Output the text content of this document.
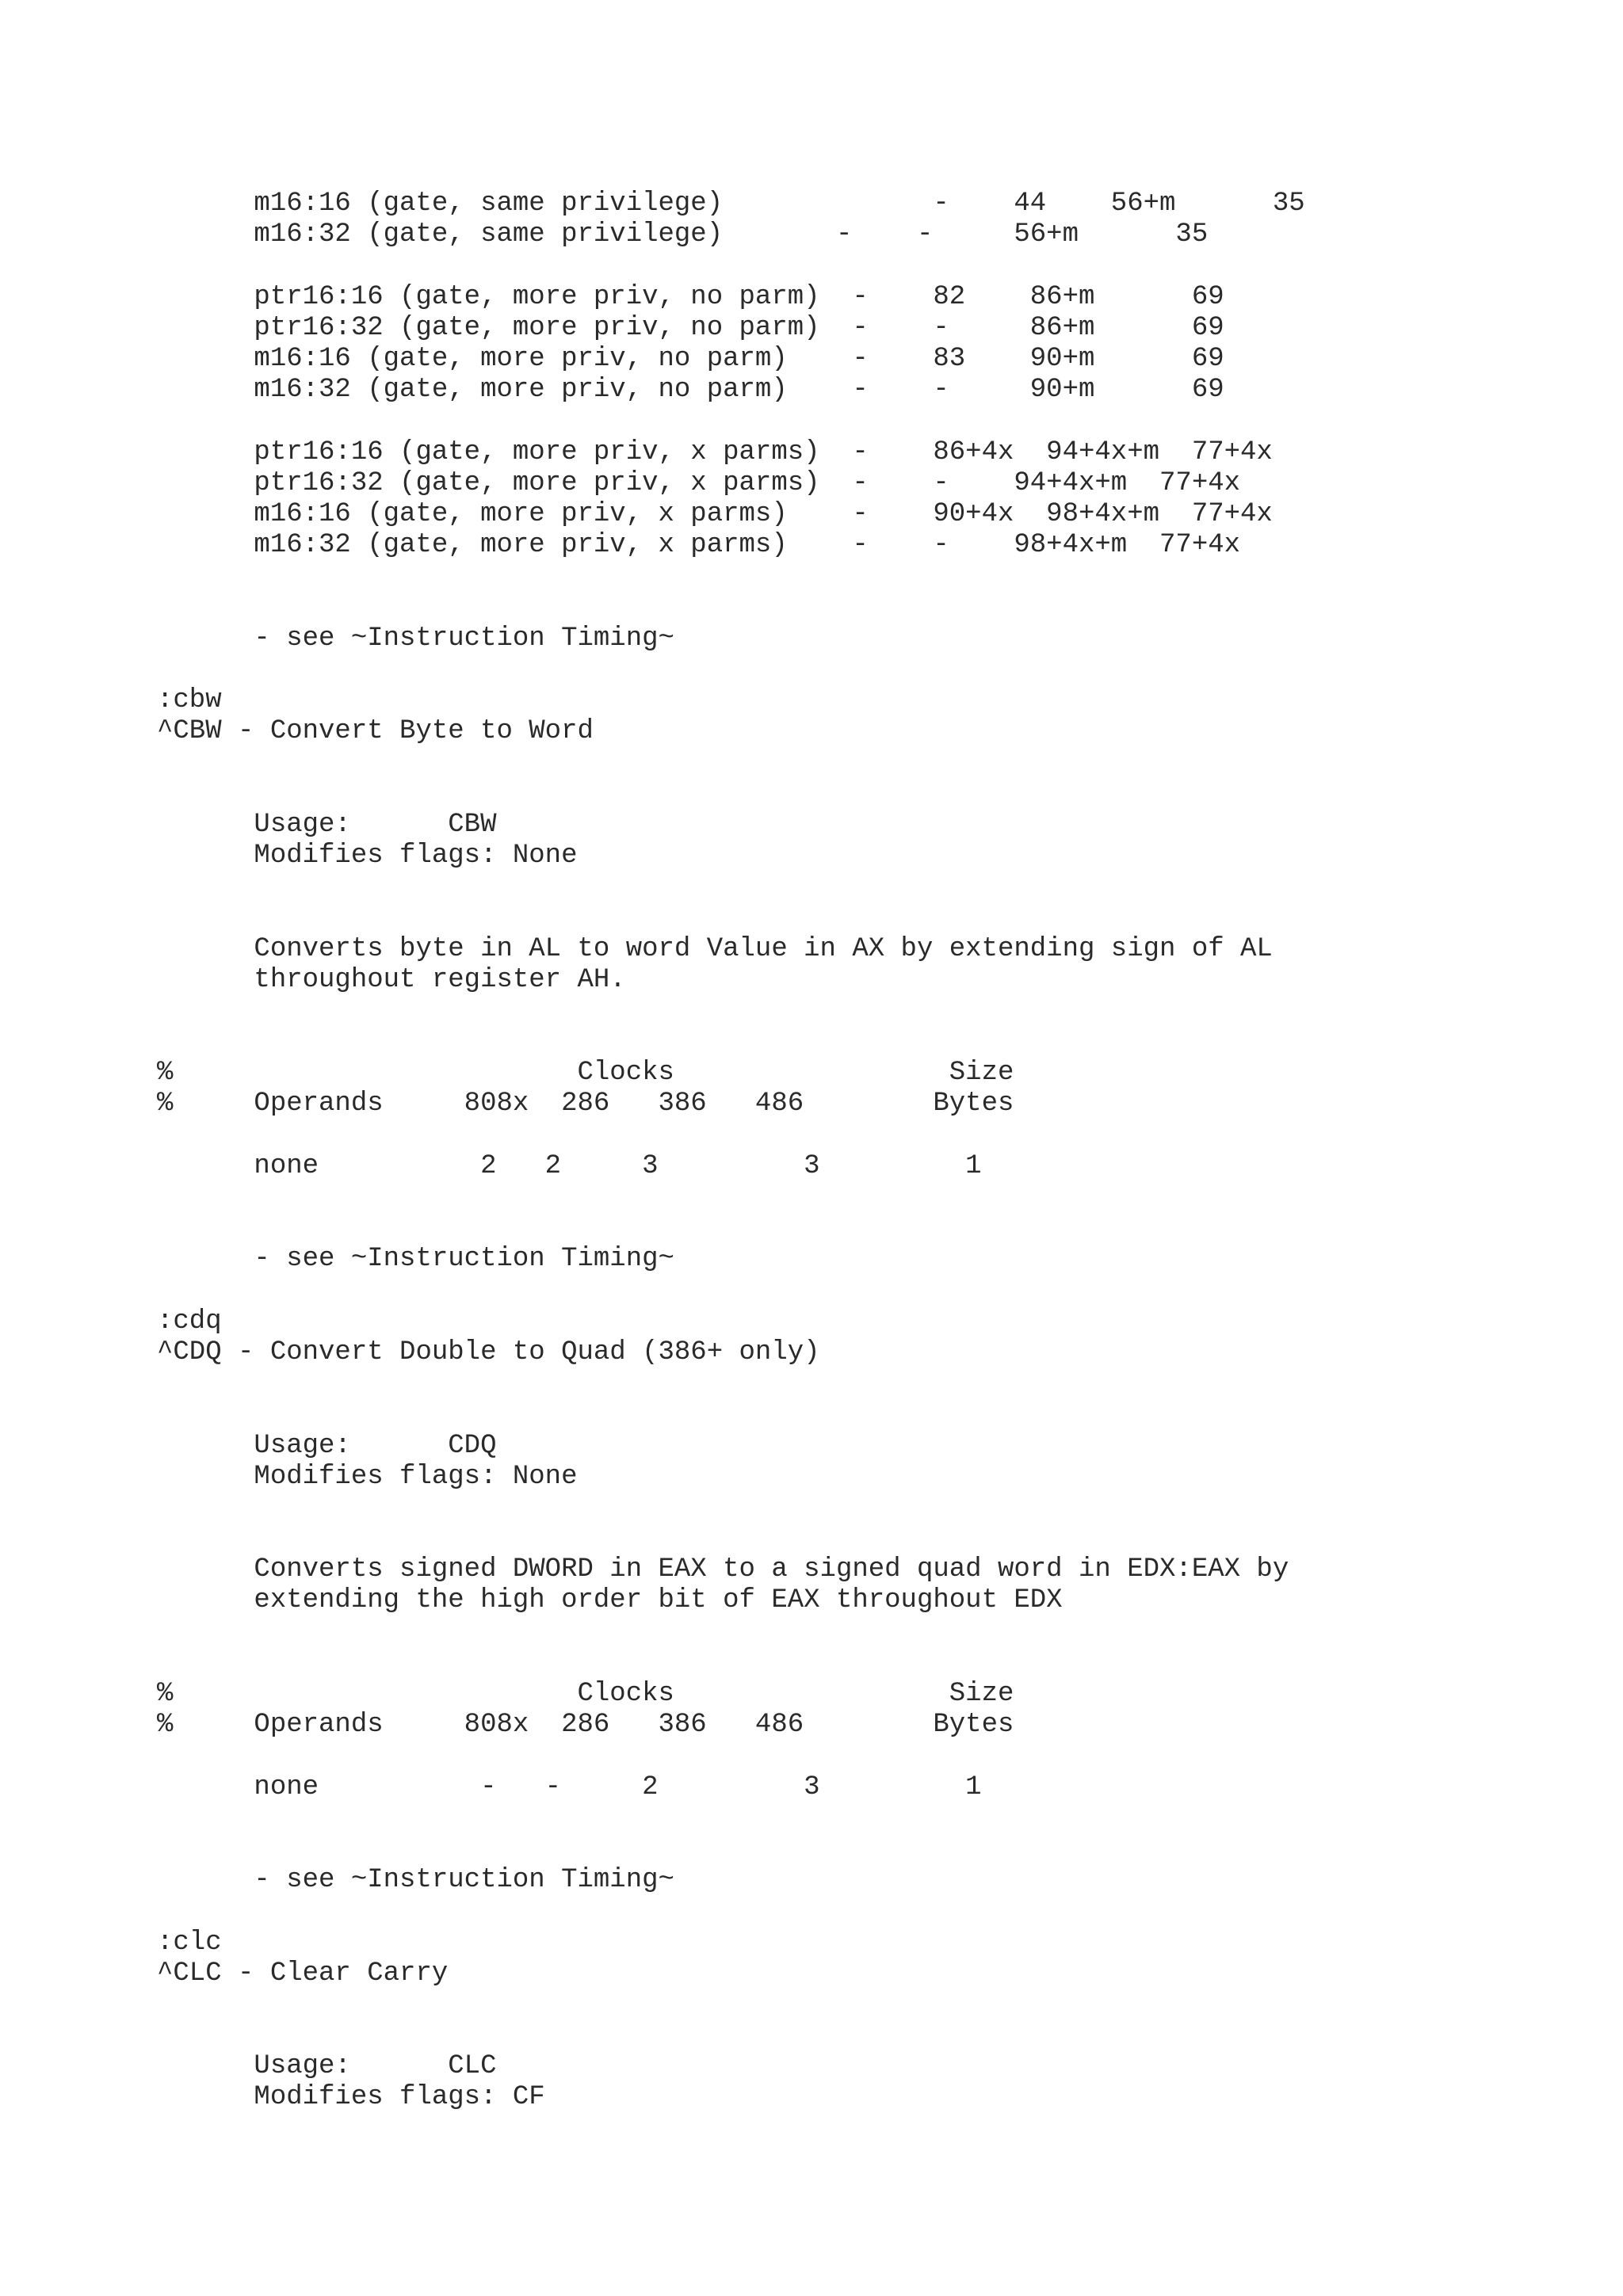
m16:16 (gate, same privilege)             -    44    56+m      35
m16:32 (gate, same privilege)       -    -     56+m      35
ptr16:16 (gate, more priv, no parm)  -    82    86+m      69
ptr16:32 (gate, more priv, no parm)  -    -     86+m      69
m16:16 (gate, more priv, no parm)    -    83    90+m      69
m16:32 (gate, more priv, no parm)    -    -     90+m      69
ptr16:16 (gate, more priv, x parms)  -    86+4x  94+4x+m  77+4x
ptr16:32 (gate, more priv, x parms)  -    -    94+4x+m  77+4x
m16:16 (gate, more priv, x parms)    -    90+4x  98+4x+m  77+4x
m16:32 (gate, more priv, x parms)    -    -    98+4x+m  77+4x
- see ~Instruction Timing~
:cbw
^CBW - Convert Byte to Word
Usage:      CBW
Modifies flags: None
Converts byte in AL to word Value in AX by extending sign of AL
throughout register AH.
%                         Clocks                 Size
%     Operands     808x  286   386   486        Bytes
none          2   2     3         3         1
- see ~Instruction Timing~
:cdq
^CDQ - Convert Double to Quad (386+ only)
Usage:      CDQ
Modifies flags: None
Converts signed DWORD in EAX to a signed quad word in EDX:EAX by
extending the high order bit of EAX throughout EDX
%                         Clocks                 Size
%     Operands     808x  286   386   486        Bytes
none          -   -     2         3         1
- see ~Instruction Timing~
:clc
^CLC - Clear Carry
Usage:      CLC
Modifies flags: CF
